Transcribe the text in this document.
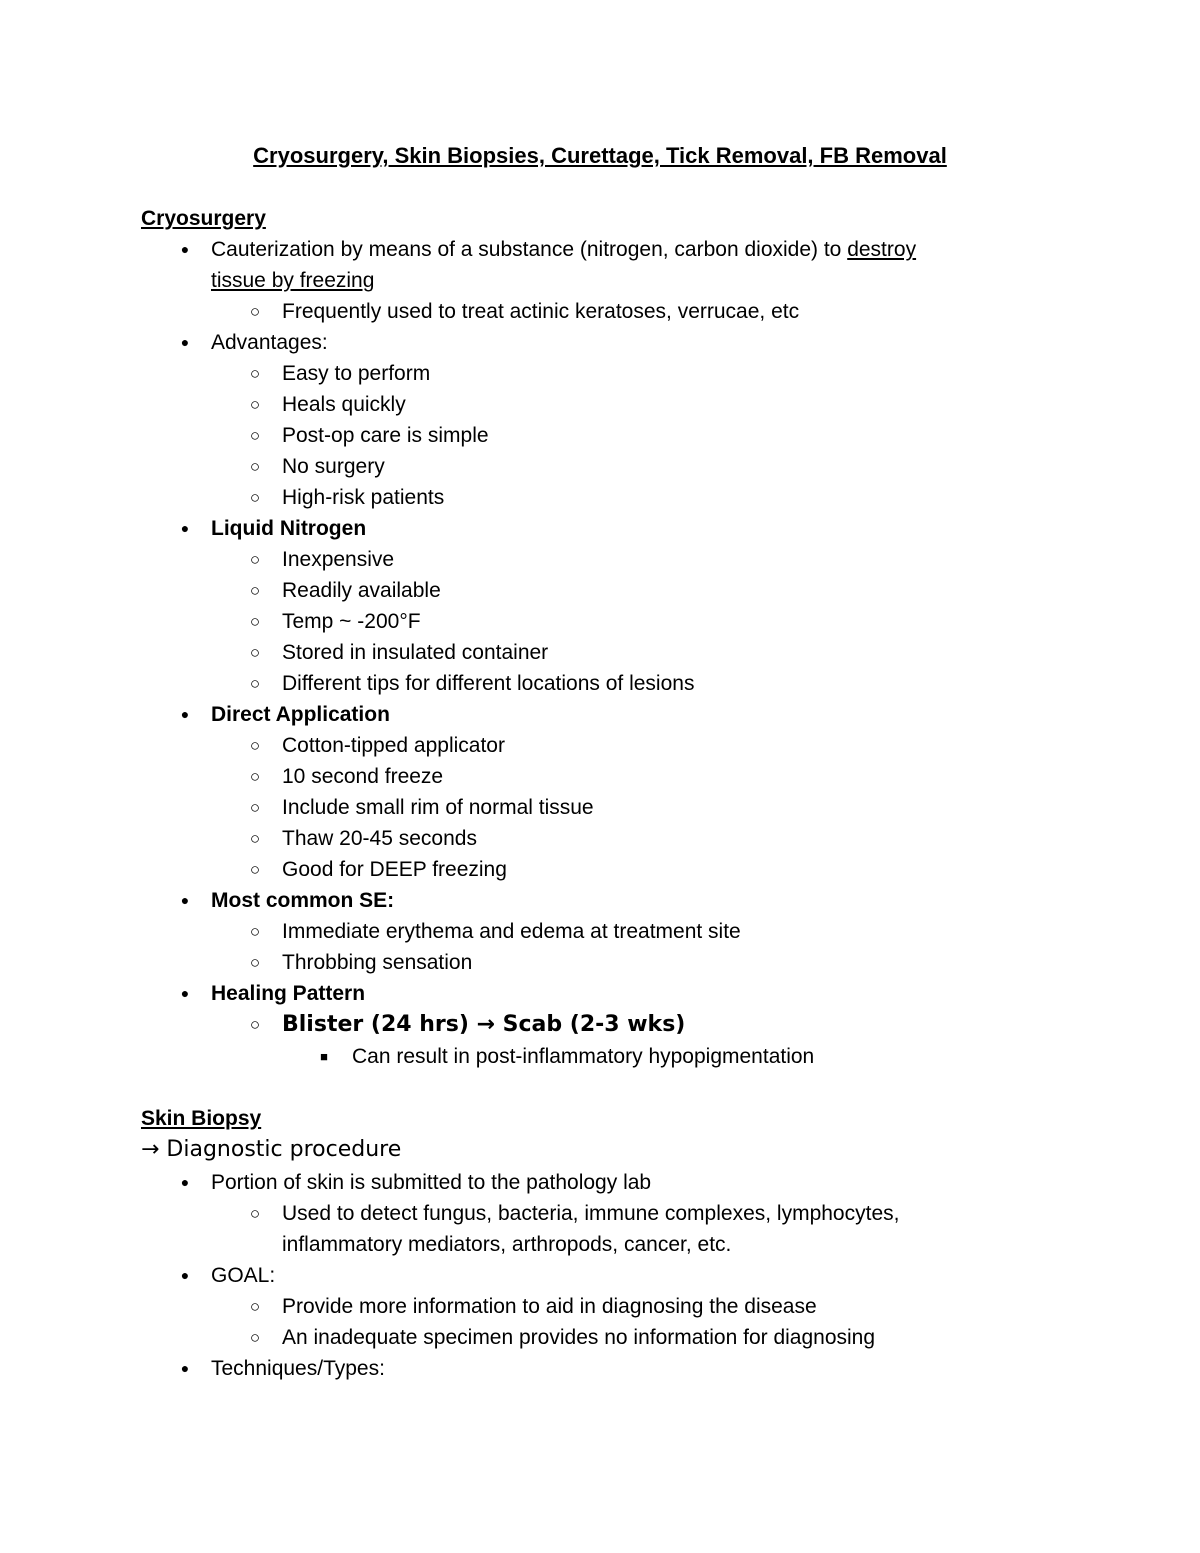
Cryosurgery, Skin Biopsies, Curettage, Tick Removal, FB Removal
Cryosurgery
● Cauterization by means of a substance (nitrogen, carbon dioxide) to destroy
tissue by freezing
○ Frequently used to treat actinic keratoses, verrucae, etc
● Advantages:
○ Easy to perform
○ Heals quickly
○ Post-op care is simple
○ No surgery
○ High-risk patients
● Liquid Nitrogen
○ Inexpensive
○ Readily available
○ Temp ~ -200°F
○ Stored in insulated container
○ Different tips for different locations of lesions
● Direct Application
○ Cotton-tipped applicator
○ 10 second freeze
○ Include small rim of normal tissue
○ Thaw 20-45 seconds
○ Good for DEEP freezing
● Most common SE:
○ Immediate erythema and edema at treatment site
○ Throbbing sensation
● Healing Pattern
○ Blister (24 hrs) → Scab (2-3 wks)
■ Can result in post-inflammatory hypopigmentation
Skin Biopsy
→ Diagnostic procedure
● Portion of skin is submitted to the pathology lab
○ Used to detect fungus, bacteria, immune complexes, lymphocytes,
inflammatory mediators, arthropods, cancer, etc.
● GOAL:
○ Provide more information to aid in diagnosing the disease
○ An inadequate specimen provides no information for diagnosing
● Techniques/Types:
